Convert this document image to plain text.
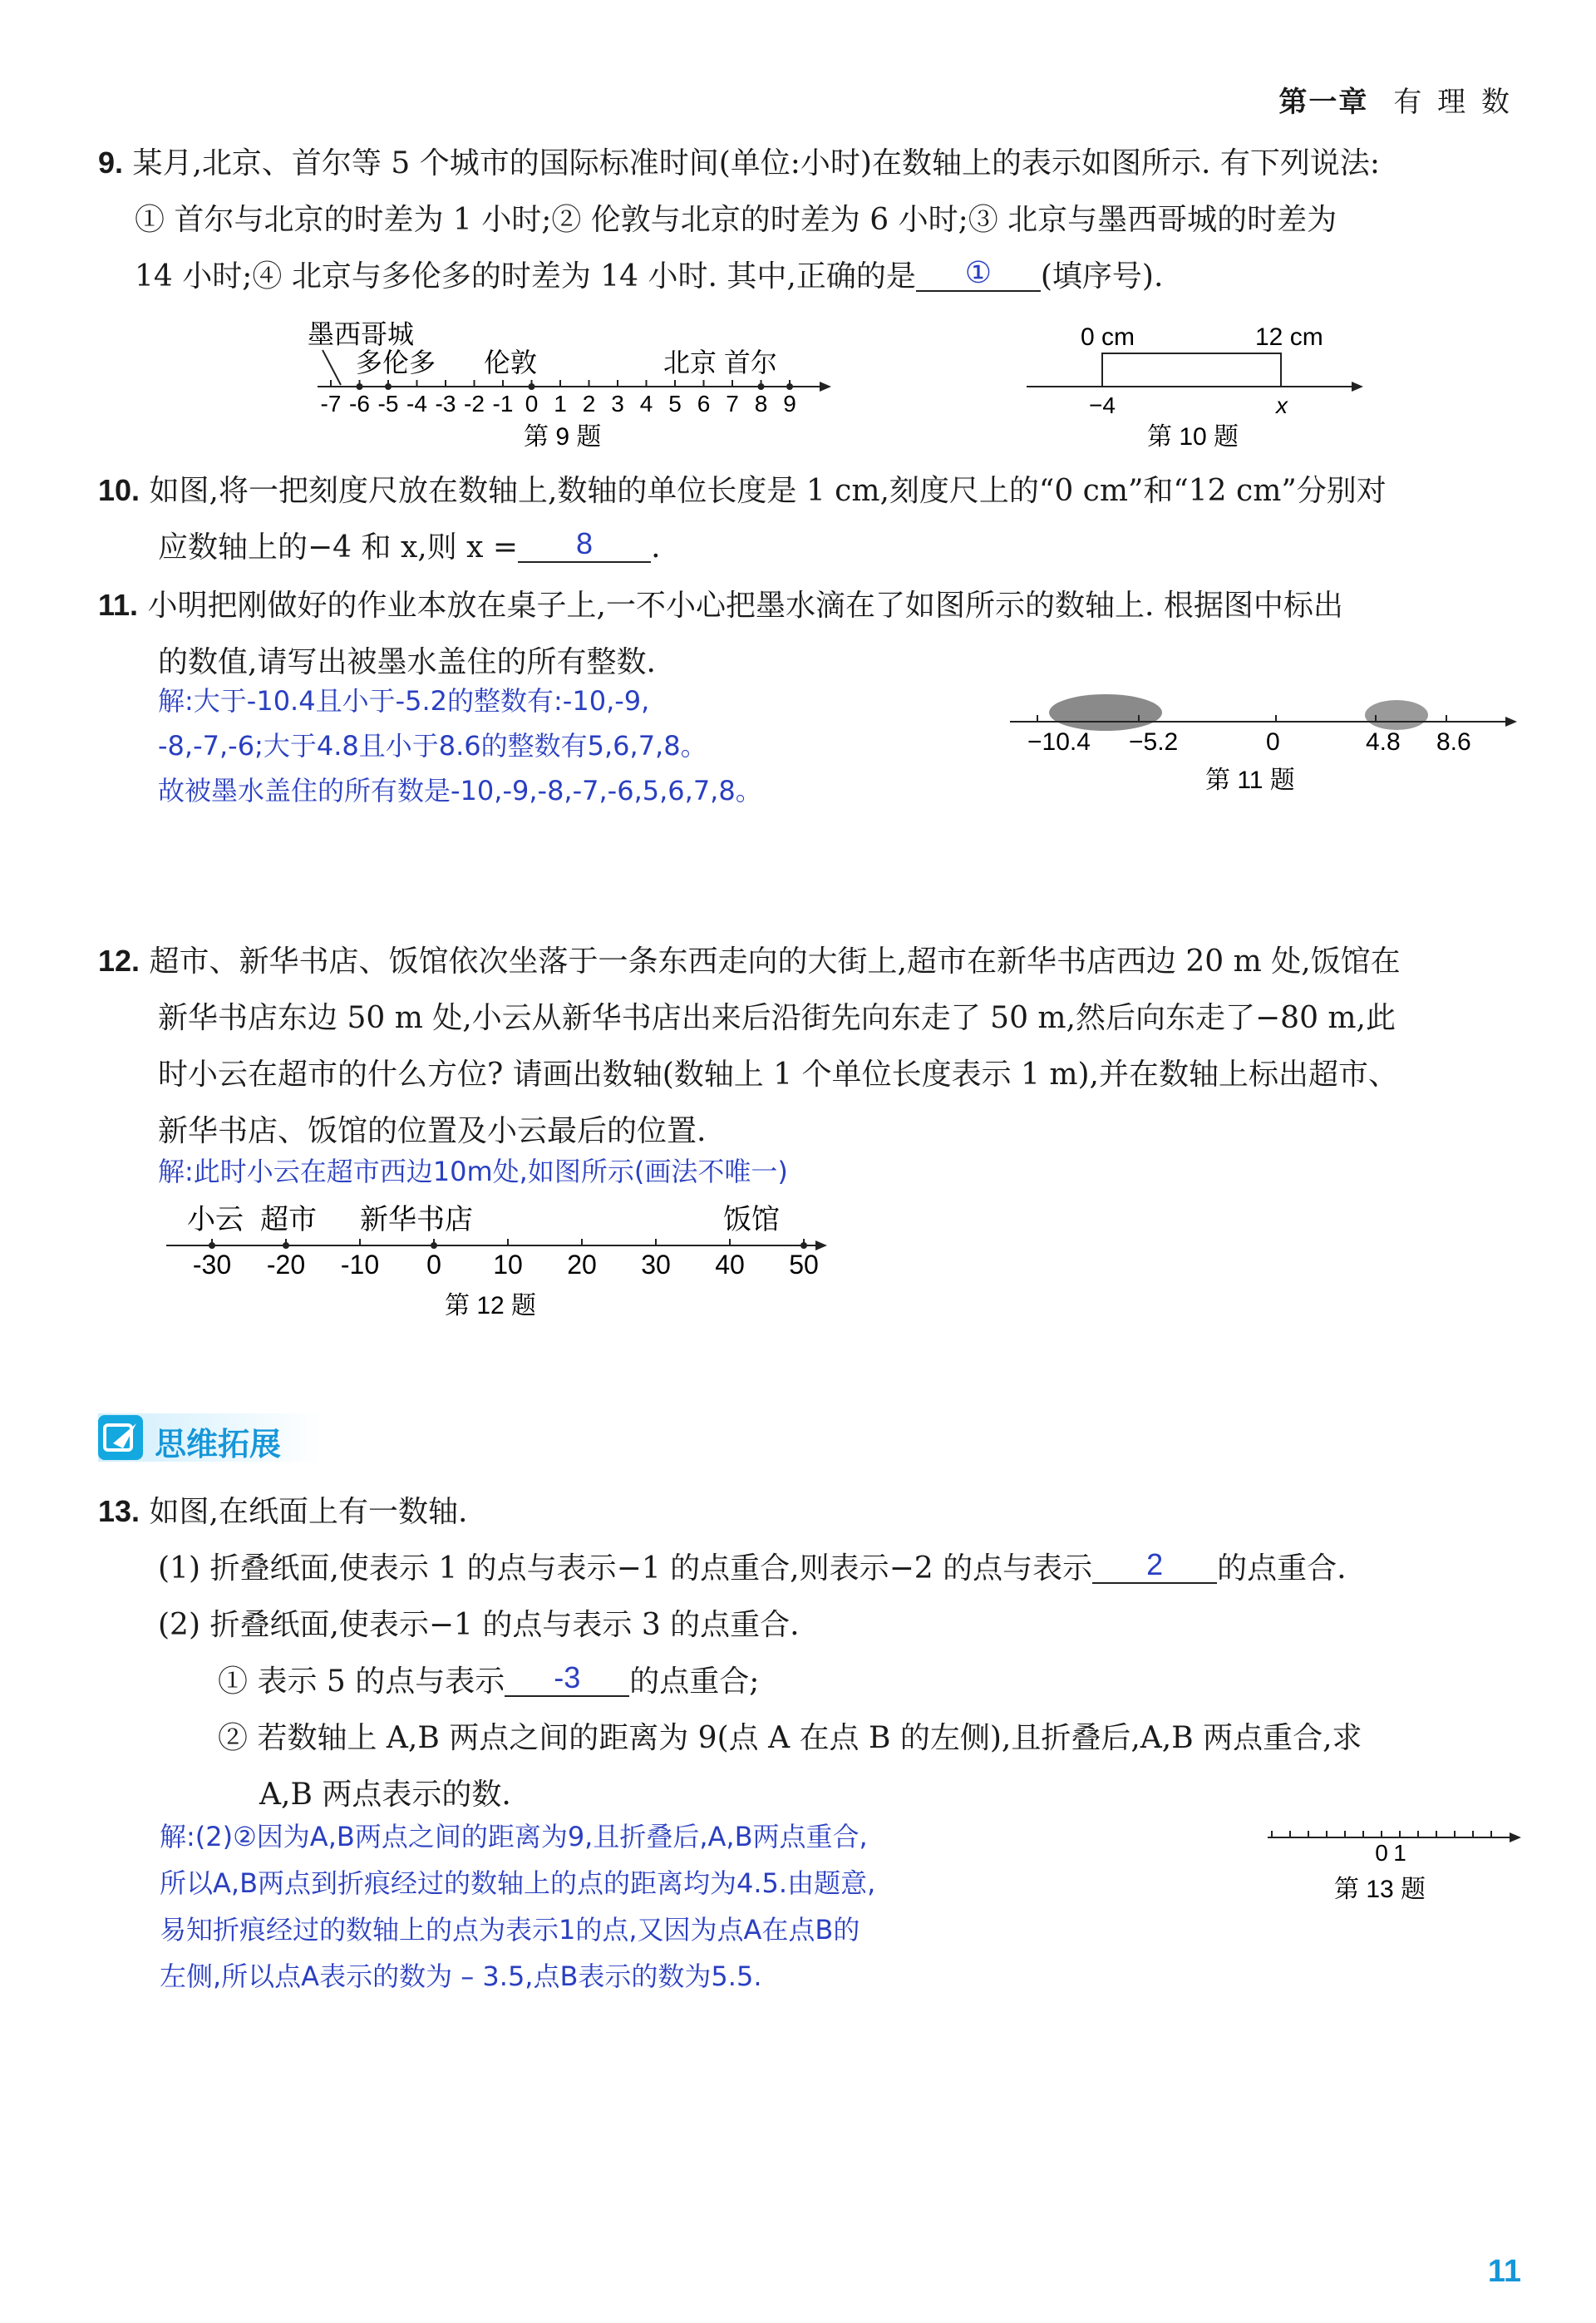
第一章 有 理 数
9. 某月,北京、首尔等 5 个城市的国际标准时间(单位:小时)在数轴上的表示如图所示. 有下列说法:
① 首尔与北京的时差为 1 小时;② 伦敦与北京的时差为 6 小时;③ 北京与墨西哥城的时差为
14 小时;④ 北京与多伦多的时差为 14 小时. 其中,正确的是 ① (填序号).
墨西哥城
多伦多 伦敦	北京 首尔
-7 -6 -5 -4 -3 -2 -1 0 1 2 3 4 5 6 7 8 9
第 9 题
0 cm	12 cm
−4	x
第 10 题
10. 如图,将一把刻度尺放在数轴上,数轴的单位长度是 1 cm,刻度尺上的“0 cm”和“12 cm”分别对
应数轴上的−4 和 x,则 x = 8 .
11. 小明把刚做好的作业本放在桌子上,一不小心把墨水滴在了如图所示的数轴上. 根据图中标出
的数值,请写出被墨水盖住的所有整数.
解:大于-10.4且小于-5.2的整数有:-10,-9,
-8,-7,-6;大于4.8且小于8.6的整数有5,6,7,8。
故被墨水盖住的所有数是-10,-9,-8,-7,-6,5,6,7,8。
−10.4 −5.2	0	4.8 8.6
第 11 题
12. 超市、新华书店、饭馆依次坐落于一条东西走向的大街上,超市在新华书店西边 20 m 处,饭馆在
新华书店东边 50 m 处,小云从新华书店出来后沿街先向东走了 50 m,然后向东走了−80 m,此
时小云在超市的什么方位? 请画出数轴(数轴上 1 个单位长度表示 1 m),并在数轴上标出超市、
新华书店、饭馆的位置及小云最后的位置.
解:此时小云在超市西边10m处,如图所示(画法不唯一)
小云 超市 新华书店	饭馆
-30 -20 -10 0 10 20 30 40 50
第 12 题
思维拓展
13. 如图,在纸面上有一数轴.
(1) 折叠纸面,使表示 1 的点与表示−1 的点重合,则表示−2 的点与表示 2 的点重合.
(2) 折叠纸面,使表示−1 的点与表示 3 的点重合.
① 表示 5 的点与表示 -3 的点重合;
② 若数轴上 A,B 两点之间的距离为 9(点 A 在点 B 的左侧),且折叠后,A,B 两点重合,求
A,B 两点表示的数.
解:(2)②因为A,B两点之间的距离为9,且折叠后,A,B两点重合,
所以A,B两点到折痕经过的数轴上的点的距离均为4.5.由题意,
易知折痕经过的数轴上的点为表示1的点,又因为点A在点B的
左侧,所以点A表示的数为 – 3.5,点B表示的数为5.5.
0 1
第 13 题
11
